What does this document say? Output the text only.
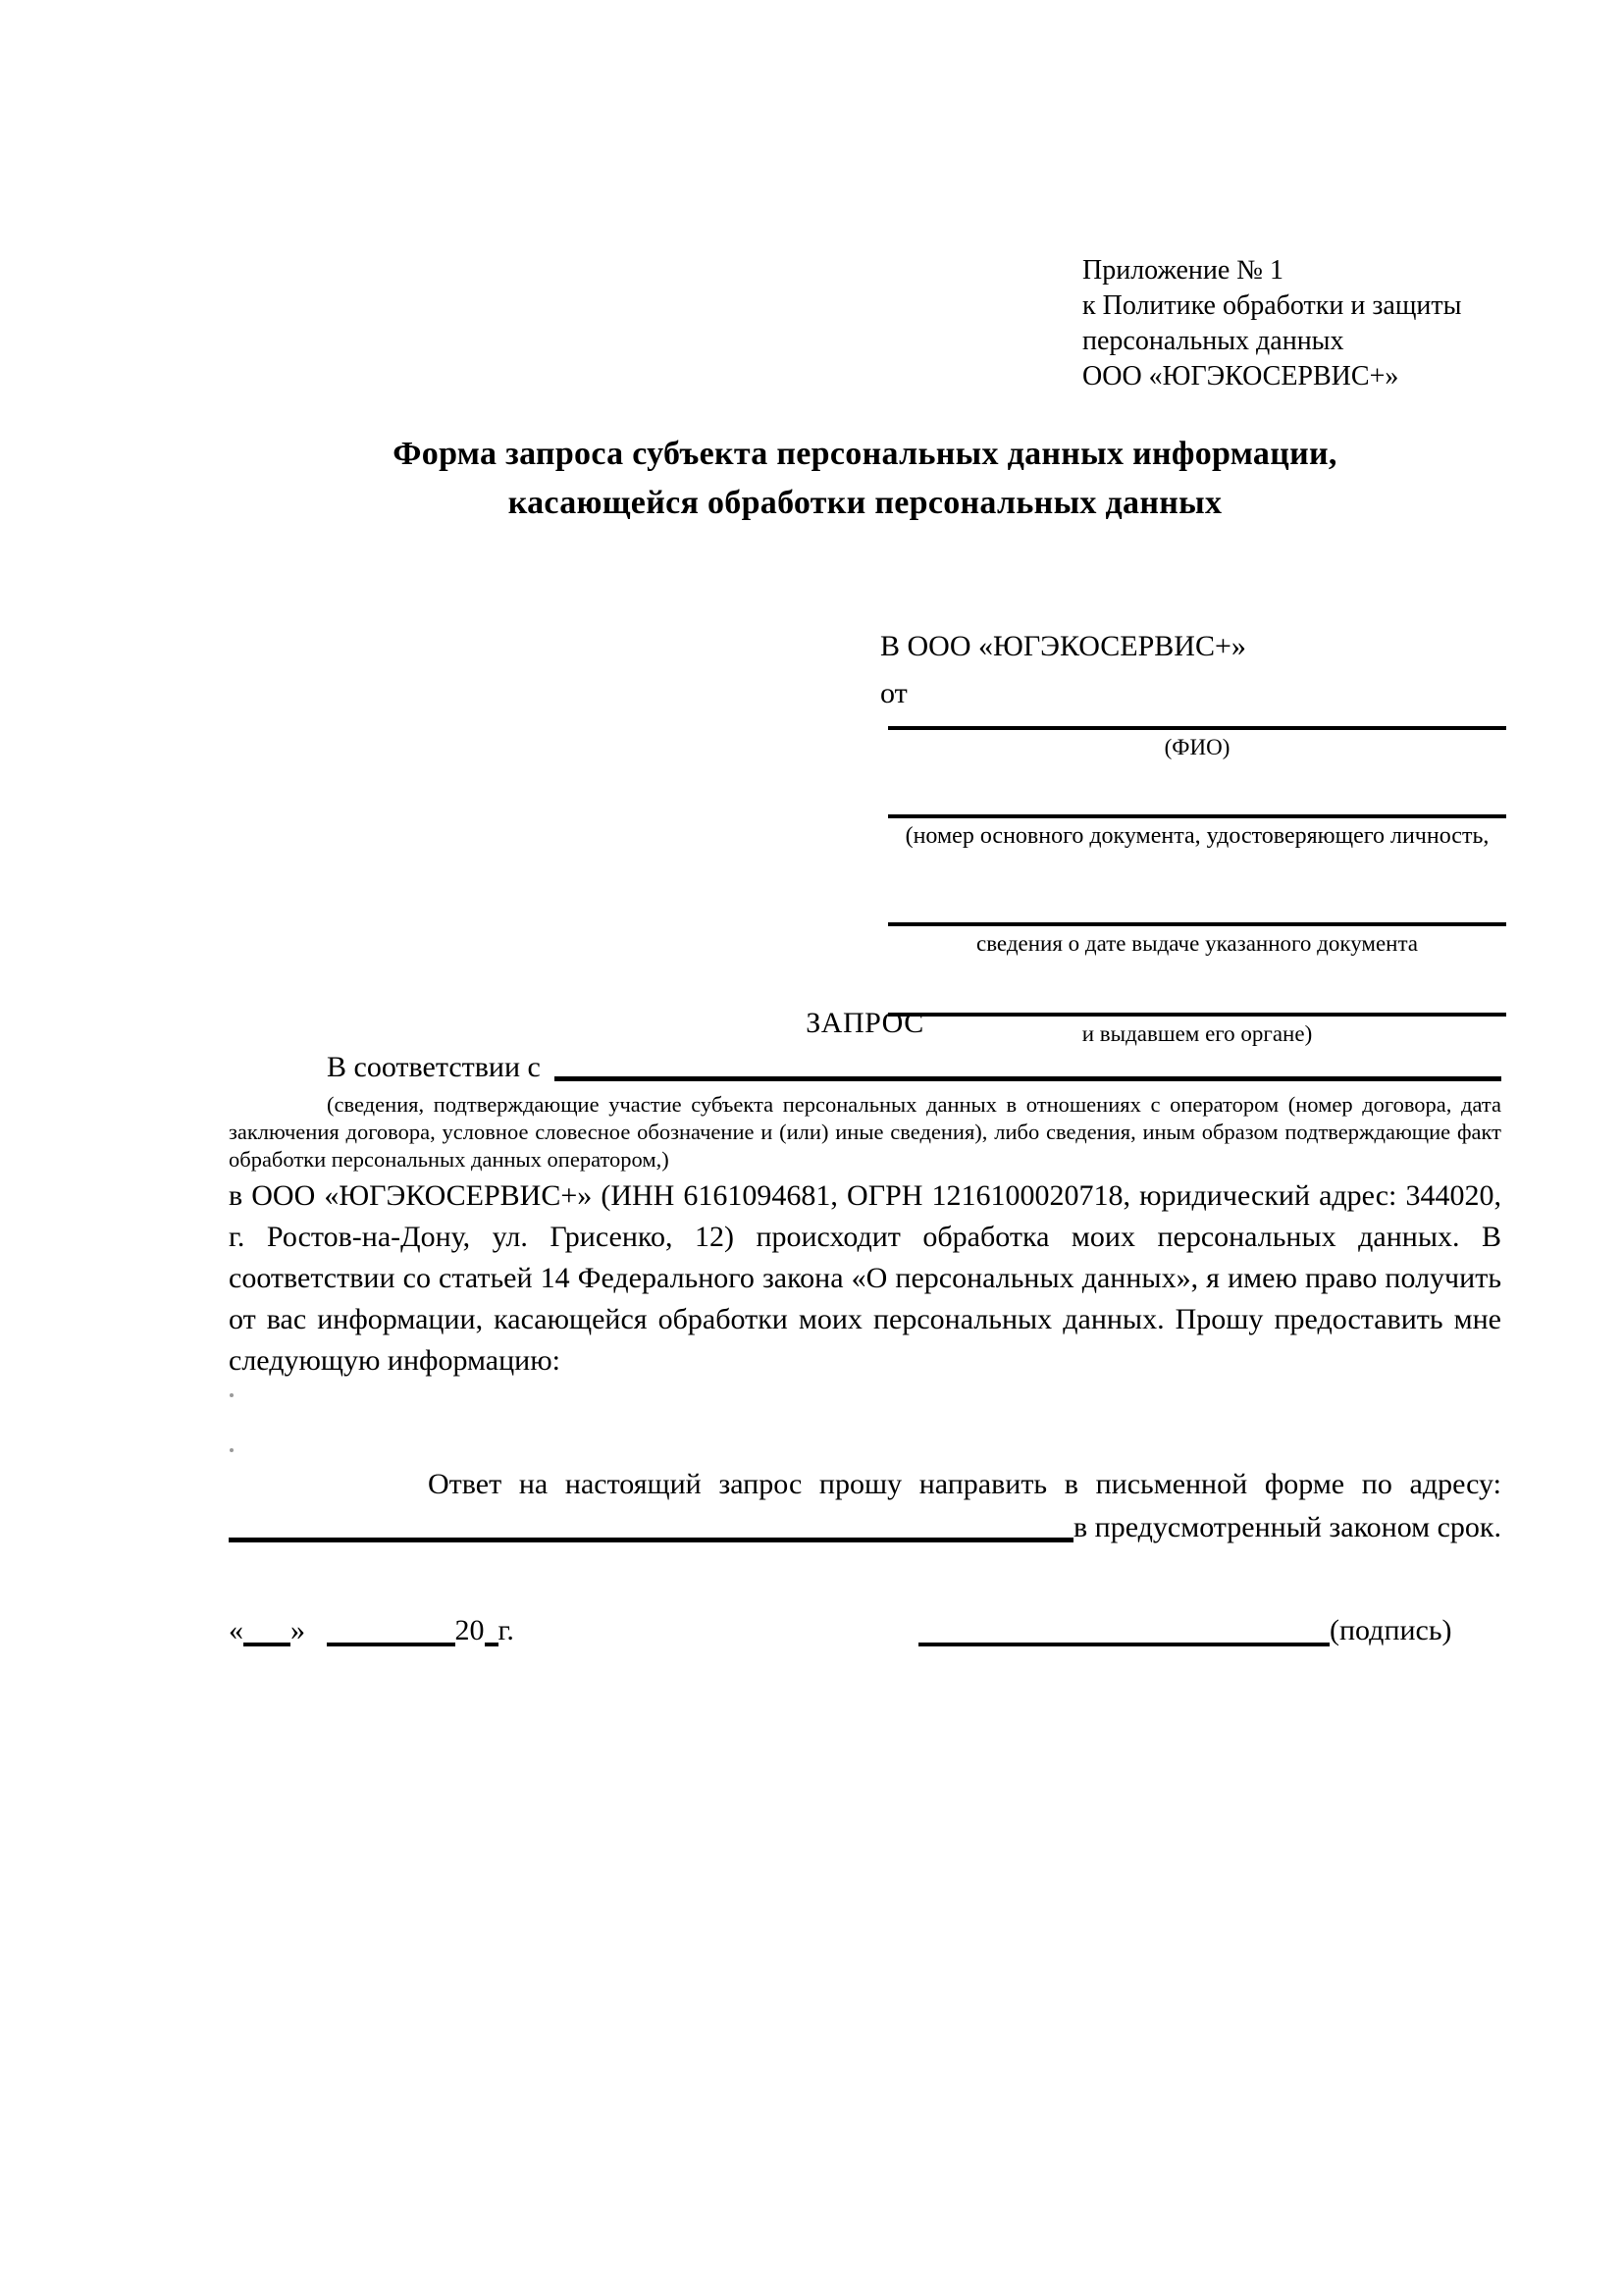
Приложение № 1
к Политике обработки и защиты
персональных данных
ООО «ЮГЭКОСЕРВИС+»
Форма запроса субъекта персональных данных информации,
касающейся обработки персональных данных
В ООО «ЮГЭКОСЕРВИС+»
от
(ФИО)
(номер основного документа, удостоверяющего личность,
сведения о дате выдаче указанного документа
и выдавшем его органе)
ЗАПРОС
В соответствии с
(сведения, подтверждающие участие субъекта персональных данных в отношениях с оператором (номер договора, дата заключения договора, условное словесное обозначение и (или) иные сведения), либо сведения, иным образом подтверждающие факт обработки персональных данных оператором,)
в ООО «ЮГЭКОСЕРВИС+» (ИНН 6161094681, ОГРН 1216100020718, юридический адрес: 344020, г. Ростов-на-Дону, ул. Грисенко, 12) происходит обработка моих персональных данных. В соответствии со статьей 14 Федерального закона «О персональных данных», я имею право получить от вас информации, касающейся обработки моих персональных данных. Прошу предоставить мне следующую информацию:
Ответ на настоящий запрос прошу направить в письменной форме по адресу:
в предусмотренный законом срок.
« »	20 г.	(подпись)
